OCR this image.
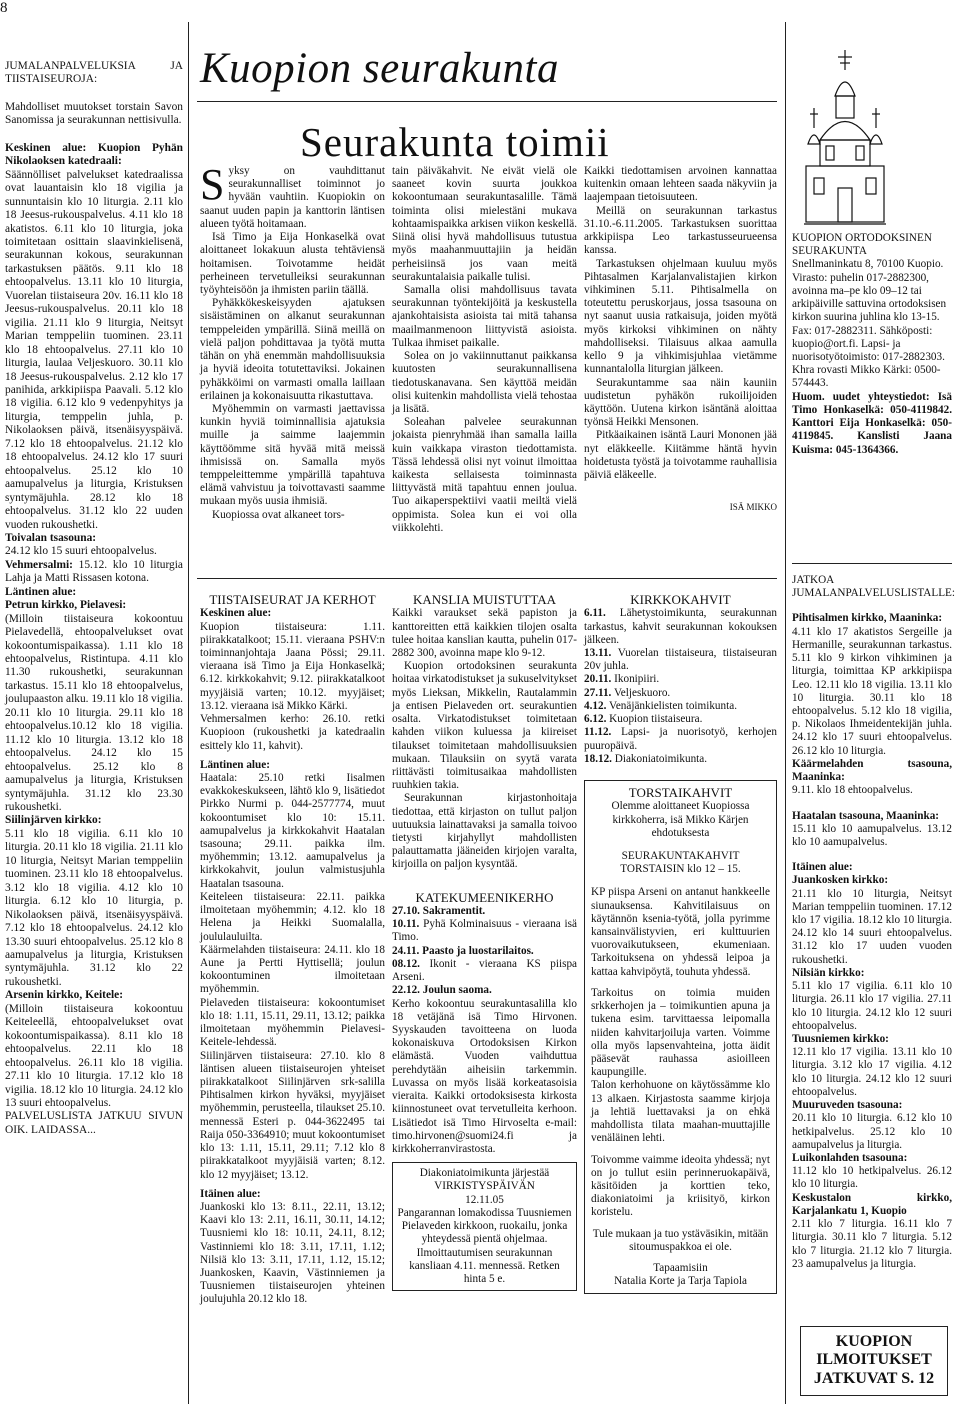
8
Kuopion seurakunta
Seurakunta toimii

JUMALANPALVELUKSIA JA TIISTAISEUROJA:

Mahdolliset muutokset torstain Savon Sanomissa ja seurakunnan nettisivulla.

Keskinen alue: Kuopion Pyhän Nikolaoksen katedraali:

Säännölliset palvelukset katedraalissa ovat lauantaisin klo 18 vigilia ja sunnuntaisin klo 10 liturgia. 2.11 klo 18 Jeesus-rukouspalvelus. 4.11 klo 18 akatistos. 6.11 klo 10 liturgia, joka toimitetaan osittain slaavinkielisenä, seurakunnan kokous, seurakunnan tarkastuksen päätös. 9.11 klo 18 ehtoopalvelus. 13.11 klo 10 liturgia, Vuorelan tiistaiseura 20v. 16.11 klo 18 Jeesus-rukouspalvelus. 20.11 klo 18 vigilia. 21.11 klo 9 liturgia, Neitsyt Marian temppeliin tuominen. 23.11 klo 18 ehtoopalvelus. 27.11 klo 10 liturgia, laulaa Veljeskuoro. 30.11 klo 18 Jeesus-rukouspalvelus. 2.12 klo 17 panihida, arkkipiispa Paavali. 5.12 klo 18 vigilia. 6.12 klo 9 vedenpyhitys ja liturgia, temppelin juhla, p. Nikolaoksen päivä, itsenäisyyspäivä. 7.12 klo 18 ehtoopalvelus. 21.12 klo 18 ehtoopalvelus. 24.12 klo 17 suuri ehtoopalvelus. 25.12 klo 10 aamupalvelus ja liturgia, Kristuksen syntymäjuhla. 28.12 klo 18 ehtoopalvelus. 31.12 klo 22 uuden vuoden rukoushetki.

Toivalan tsasouna:

24.12 klo 15 suuri ehtoopalvelus.

Vehmersalmi: 15.12. klo 10 liturgia Lahja ja Matti Rissasen kotona.

Läntinen alue:

Petrun kirkko, Pielavesi:

(Milloin tiistaiseura kokoontuu Pielavedellä, ehtoopalvelukset ovat kokoontumispaikassa). 1.11 klo 18 ehtoopalvelus, Ristintupa. 4.11 klo 11.30 rukoushetki, seurakunnan tarkastus. 15.11 klo 18 ehtoopalvelus, joulupaaston alku. 19.11 klo 18 vigilia. 20.11 klo 10 liturgia. 29.11 klo 18 ehtoopalvelus.10.12 klo 18 vigilia. 11.12 klo 10 liturgia. 13.12 klo 18 ehtoopalvelus. 24.12 klo 15 ehtoopalvelus. 25.12 klo 8 aamupalvelus ja liturgia, Kristuksen syntymäjuhla. 31.12 klo 23.30 rukoushetki.

Siilinjärven kirkko:

5.11 klo 18 vigilia. 6.11 klo 10 liturgia. 20.11 klo 18 vigilia. 21.11 klo 10 liturgia, Neitsyt Marian temppeliin tuominen. 23.11 klo 18 ehtoopalvelus. 3.12 klo 18 vigilia. 4.12 klo 10 liturgia. 6.12 klo 10 liturgia, p. Nikolaoksen päivä, itsenäisyyspäivä. 7.12 klo 18 ehtoopalvelus. 24.12 klo 13.30 suuri ehtoopalvelus. 25.12 klo 8 aamupalvelus ja liturgia, Kristuksen syntymäjuhla. 31.12 klo 22 rukoushetki.

Arsenin kirkko, Keitele:

(Milloin tiistaiseura kokoontuu Keiteleellä, ehtoopalvelukset ovat kokoontumispaikassa). 8.11 klo 18 ehtoopalvelus. 22.11 klo 18 ehtoopalvelus. 26.11 klo 18 vigilia. 27.11 klo 10 liturgia. 17.12 klo 18 vigilia. 18.12 klo 10 liturgia. 24.12 klo 13 suuri ehtoopalvelus.

PALVELUSLISTA JATKUU SIVUN OIK. LAIDASSA...

Syksy on vauhdittanut seurakunnalliset toiminnot jo hyvään vauhtiin. Kuopiokin on saanut uuden papin ja kanttorin läntisen alueen työtä hoitamaan.

Isä Timo ja Eija Honkaselkä ovat aloittaneet lokakuun alusta tehtäviensä hoitamisen. Toivotamme heidät perheineen tervetulleiksi seurakunnan työyhteisöön ja ihmisten pariin täällä.

Pyhäkkökeskeisyyden ajatuksen sisäistäminen on alkanut seurakunnan temppeleiden ympärillä. Siinä meillä on vielä paljon pohdittavaa ja työtä mutta tähän on yhä enemmän mahdollisuuksia ja hyviä ideoita totutettaviksi. Jokainen pyhäkköimi on varmasti omalla laillaan erilainen ja kokonaisuutta rikastuttava.

Myöhemmin on varmasti jaettavissa kunkin hyviä toiminnallisia ajatuksia muille ja saimme laajemmin käyttöömme sitä hyvää mitä meissä ihmisissä on. Samalla myös temppeleittemme ympärillä tapahtuva elämä vahvistuu ja toivottavasti saamme mukaan myös uusia ihmisiä.

Kuopiossa ovat alkaneet tors-

tain päiväkahvit. Ne eivät vielä ole saaneet kovin suurta joukkoa kokoontumaan seurakuntasalille. Tämä toiminta olisi mielestäni mukava kohtaamispaikka arkisen viikon keskellä. Siinä olisi hyvä mahdollisuus tutustua myös maahanmuuttajiin ja heidän perheisiinsä jos vaan meitä seurakuntalaisia paikalle tulisi.

Samalla olisi mahdollisuus tavata seurakunnan työntekijöitä ja keskustella ajankohtaisista asioista tai mitä tahansa maailmanmenoon liittyvistä asioista. Tulkaa ihmiset paikalle.

Solea on jo vakiinnuttanut paikkansa kuutosten seurakunnallisena tiedotuskanavana. Sen käyttöä meidän olisi kuitenkin mahdollista vielä tehostaa ja lisätä.

Soleahan palvelee seurakunnan jokaista pienryhmää ihan samalla lailla kuin vaikkapa viraston tiedottamista. Tässä lehdessä olisi nyt voinut ilmoittaa kaikesta sellaisesta toiminnasta liittyvästä mitä tapahtuu ennen joulua. Tuo aikaperspektiivi vaatii meiltä vielä oppimista. Solea kun ei voi olla viikkolehti.

Kaikki tiedottamisen arvoinen kannattaa kuitenkin omaan lehteen saada näkyviin ja laajempaan tietoisuuteen.

Meillä on seurakunnan tarkastus 31.10.-6.11.2005. Tarkastuksen suorittaa arkkipiispa Leo tarkastusseurueensa kanssa.

Tarkastuksen ohjelmaan kuuluu myös Pihtasalmen Karjalanvalistajien kirkon vihkiminen 5.11. Pihtisalmella on toteutettu peruskorjaus, jossa tsasouna on nyt saanut uusia ratkaisuja, joiden myötä myös kirkoksi vihkiminen on nähty mahdolliseksi. Tilaisuus alkaa aamulla kello 9 ja vihkimisjuhlaa vietämme kunnantalolla liturgian jälkeen.

Seurakuntamme saa näin kauniin uudistetun pyhäkön rukoilijoiden käyttöön. Uutena kirkon isäntänä aloittaa työnsä Heikki Mensonen.

Pitkäaikainen isäntä Lauri Mononen jää nyt eläkkeelle. Kiitämme häntä hyvin hoidetusta työstä ja toivotamme rauhallisia päiviä eläkeelle.

ISÄ MIKKO

KUOPION ORTODOKSINEN SEURAKUNTA

Snellmaninkatu 8, 70100 Kuopio. Virasto: puhelin 017-2882300, avoinna ma–pe klo 09–12 tai arkipäiville sattuvina ortodoksisen kirkon suurina juhlina klo 13-15. Fax: 017-2882311. Sähköposti: kuopio@ort.fi. Lapsi- ja nuorisotyötoimisto: 017-2882303. Khra rovasti Mikko Kärki: 0500-574443.

Huom. uudet yhteystiedot: Isä Timo Honkaselkä: 050-4119842. Kanttori Eija Honkaselkä: 050-4119845. Kanslisti Jaana Kuisma: 045-1364366.

JATKOA JUMALANPALVELUSLISTALLE:

Pihtisalmen kirkko, Maaninka:

4.11 klo 17 akatistos Sergeille ja Hermanille, seurakunnan tarkastus. 5.11 klo 9 kirkon vihkiminen ja liturgia, toimittaa KP arkkipiispa Leo. 12.11 klo 18 vigilia. 13.11 klo 10 liturgia. 30.11 klo 18 ehtoopalvelus. 5.12 klo 18 vigilia, p. Nikolaos Ihmeidentekijän juhla. 24.12 klo 17 suuri ehtoopalvelus. 26.12 klo 10 liturgia.

Käärmelahden tsasouna, Maaninka:

9.11. klo 18 ehtoopalvelus.

Haatalan tsasouna, Maaninka:

15.11 klo 10 aamupalvelus. 13.12 klo 10 aamupalvelus.

Itäinen alue:

Juankosken kirkko:

21.11 klo 10 liturgia, Neitsyt Marian temppeliin tuominen. 17.12 klo 17 vigilia. 18.12 klo 10 liturgia. 24.12 klo 14 suuri ehtoopalvelus. 31.12 klo 17 uuden vuoden rukoushetki.

Nilsiän kirkko:

5.11 klo 17 vigilia. 6.11 klo 10 liturgia. 26.11 klo 17 vigilia. 27.11 klo 10 liturgia. 24.12 klo 12 suuri ehtoopalvelus.

Tuusniemen kirkko:

12.11 klo 17 vigilia. 13.11 klo 10 liturgia. 3.12 klo 17 vigilia. 4.12 klo 10 liturgia. 24.12 klo 12 suuri ehtoopalvelus.

Muuruveden tsasouna:

20.11 klo 10 liturgia. 6.12 klo 10 hetkipalvelus. 25.12 klo 10 aamupalvelus ja liturgia.

Luikonlahden tsasouna:

11.12 klo 10 hetkipalvelus. 26.12 klo 10 liturgia.

Keskustalon kirkko, Karjalankatu 1, Kuopio

2.11 klo 7 liturgia. 16.11 klo 7 liturgia. 30.11 klo 7 liturgia. 5.12 klo 7 liturgia. 21.12 klo 7 liturgia. 23 aamupalvelus ja liturgia.

KUOPION ILMOITUKSET JATKUVAT S. 12

TIISTAISEURAT JA KERHOT

Keskinen alue:

Kuopion tiistaiseura: 1.11. piirakkatalkoot; 15.11. vieraana PSHV:n toiminnanjohtaja Jaana Pössi; 29.11. vieraana isä Timo ja Eija Honkaselkä; 6.12. kirkkokahvit; 9.12. piirakkatalkoot myyjäisiä varten; 10.12. myyjäiset; 13.12. vieraana isä Mikko Kärki.

Vehmersalmen kerho: 26.10. retki Kuopioon (rukoushetki ja katedraalin esittely klo 11, kahvit).

Läntinen alue:

Haatala: 25.10 retki Iisalmen evakkokeskukseen, lähtö klo 9, lisätiedot Pirkko Nurmi p. 044-2577774, muut kokoontumiset klo 10: 15.11. aamupalvelus ja kirkkokahvit Haatalan tsasouna; 29.11. paikka ilm. myöhemmin; 13.12. aamupalvelus ja kirkkokahvit, joulun valmistusjuhla Haatalan tsasouna.

Keiteleen tiistaiseura: 22.11. paikka ilmoitetaan myöhemmin; 4.12. klo 18 Helena ja Heikki Suomalalla, joululauluilta.

Käärmelahden tiistaiseura: 24.11. klo 18 Aune ja Pertti Hyttisellä; joulun kokoontuminen ilmoitetaan myöhemmin.

Pielaveden tiistaiseura: kokoontumiset klo 18: 1.11, 15.11, 29.11, 13.12; paikka ilmoitetaan myöhemmin Pielavesi-Keitele-lehdessä.

Siilinjärven tiistaiseura: 27.10. klo 8 läntisen alueen tiistaiseurojen yhteiset piirakkatalkoot Siilinjärven srk-salilla Pihtisalmen kirkon hyväksi, myyjäiset myöhemmin, perusteella, tilaukset 25.10. mennessä Esteri p. 044-3622495 tai Raija 050-3364910; muut kokoontumiset klo 13: 1.11, 15.11, 29.11; 7.12 klo 8 piirakkatalkoot myyjäisiä varten; 8.12. klo 12 myyjäiset; 13.12.

Itäinen alue:

Juankoski klo 13: 8.11., 22.11, 13.12; Kaavi klo 13: 2.11, 16.11, 30.11, 14.12; Tuusniemi klo 18: 10.11, 24.11, 8.12; Vastinniemi klo 18: 3.11, 17.11, 1.12; Nilsiä klo 13: 3.11, 17.11, 1.12, 15.12; Juankosken, Kaavin, Västinniemen ja Tuusniemen tiistaiseurojen yhteinen joulujuhla 20.12 klo 18.

KANSLIA MUISTUTTAA

Kaikki varaukset sekä papiston ja kanttoreitten että kaikkien tilojen osalta tulee hoitaa kanslian kautta, puhelin 017-2882 300, avoinna mape klo 9-12.

Kuopion ortodoksinen seurakunta hoitaa virkatodistukset ja sukuselvitykset myös Lieksan, Mikkelin, Rautalammin ja entisen Pielaveden ort. seurakuntien osalta. Virkatodistukset toimitetaan kahden viikon kuluessa ja kiireiset tilaukset toimitetaan mahdollisuuksien mukaan. Tilauksiin on syytä varata riittävästi toimitusaikaa mahdollisten ruuhkien takia.

Seurakunnan kirjastonhoitaja tiedottaa, että kirjaston on tullut paljon uutuuksia lainattavaksi ja samalla toivoo tietysti kirjahyllyt mahdollisten palauttamatta jääneiden kirjojen varalta, kirjoilla on paljon kysyntää.

KATEKUMEENIKERHO

27.10. Sakramentit.

10.11. Pyhä Kolminaisuus - vieraana isä Timo.

24.11. Paasto ja luostarilaitos.

08.12. Ikonit - vieraana KS piispa Arseni.

22.12. Joulun saoma.

Kerho kokoontuu seurakuntasalilla klo 18 vetäjänä isä Timo Hirvonen. Syyskauden tavoitteena on luoda kokonaiskuva Ortodoksisen Kirkon elämästä. Vuoden vaihduttua perehdytään aiheisiin tarkemmin. Luvassa on myös lisää korkeatasoisia vieraita. Kaikki ortodoksisesta kirkosta kiinnostuneet ovat tervetulleita kerhoon. Lisätiedot isä Timo Hirvoselta e-mail: timo.hirvonen@suomi24.fi ja kirkkoherranvirastosta.

Diakoniatoimikunta järjestää

VIRKISTYSPÄIVÄN

12.11.05

Pangarannan lomakodissa Tuusniemen Pielaveden kirkkoon, ruokailu, jonka yhteydessä pientä ohjelmaa. Ilmoittautumisen seurakunnan kansliaan 4.11. mennessä. Retken hinta 5 e.

KIRKKOKAHVIT

6.11. Lähetystoimikunta, seurakunnan tarkastus, kahvit seurakunnan kokouksen jälkeen.

13.11. Vuorelan tiistaiseura, tiistaiseuran 20v juhla.

20.11. Ikonipiiri.

27.11. Veljeskuoro.

4.12. Venäjänkielisten toimikunta.

6.12. Kuopion tiistaiseura.

11.12. Lapsi- ja nuorisotyö, kerhojen puuropäivä.

18.12. Diakoniatoimikunta.

TORSTAIKAHVIT

Olemme aloittaneet Kuopiossa kirkkoherra, isä Mikko Kärjen ehdotuksesta

SEURAKUNTAKAHVIT TORSTAISIN klo 12 – 15.

KP piispa Arseni on antanut hankkeelle siunauksensa. Kahvitilaisuus on käytännön ksenia-työtä, jolla pyrimme kansainvälistyvien, eri kulttuurien vuorovaikutukseen, ekumeniaan. Tarkoituksena on yhdessä leipoa ja kattaa kahvipöytä, touhuta yhdessä.

Tarkoitus on toimia muiden srkkerhojen ja – toimikuntien apuna ja tukena esim. tarvittaessa leipomalla niiden kahvitarjoiluja varten. Voimme olla myös lapsenvahteina, jotta äidit pääsevät rauhassa asioilleen kaupungille.

Talon kerhohuone on käytössämme klo 13 alkaen. Kirjastosta saamme kirjoja ja lehtiä luettavaksi ja on ehkä mahdollista tilata maahan-muuttajille venäläinen lehti.

Toivomme vaimme ideoita yhdessä; nyt on jo tullut esiin perinneruokapäivä, käsitöiden ja korttien teko, diakoniatoimi ja kriisityö, kirkon koristelu.

Tule mukaan ja tuo ystäväsikin, mitään sitoumuspakkoa ei ole.

Tapaamisiin

Natalia Korte ja Tarja Tapiola
